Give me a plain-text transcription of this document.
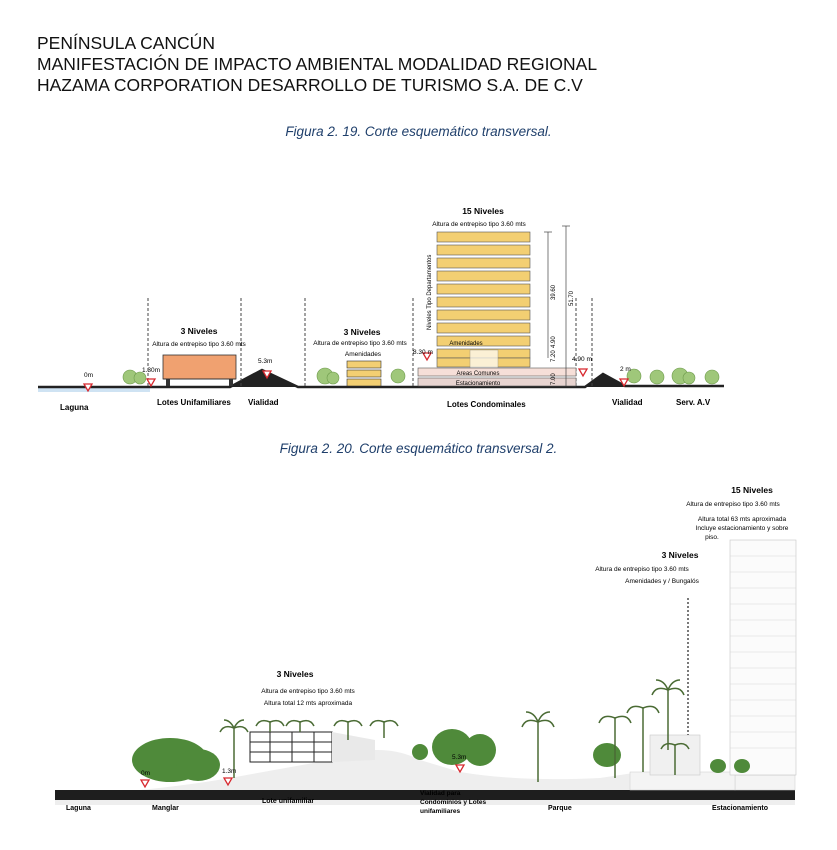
PENÍNSULA CANCÚN
MANIFESTACIÓN DE IMPACTO AMBIENTAL MODALIDAD REGIONAL
HAZAMA CORPORATION DESARROLLO DE TURISMO S.A. DE C.V
Figura 2. 19. Corte esquemático transversal.
3 Niveles
Altura de entrepiso tipo 3.60 mts
3 Niveles
Altura de entrepiso tipo 3.60 mts
Amenidades
15 Niveles
Altura de entrepiso tipo 3.60 mts
Niveles Tipo Departamentos
Amenidades
Areas Comunes
Estacionamiento
39.60 51.70
7.20
4.90
7.00
0m
1.30m
5.3m
8.30 m
4.90 m
2 m
Laguna
Lotes Unifamiliares Vialidad	Lotes Condominales	Vialidad	Serv. A.V
Figura 2. 20. Corte esquemático transversal 2.
0m	1.3m
5.3m
3 Niveles
Altura de entrepiso tipo 3.60 mts
Altura total 12 mts aproximada
3 Niveles
Altura de entrepiso tipo 3.60 mts
Amenidades y / Bungalós
15 Niveles
Altura de entrepiso tipo 3.60 mts
Altura total 63 mts aproximada
Incluye estacionamiento y sobre
piso.
Laguna	Manglar
Lote unifamiliar
Vialidad para
Condominios y Lotes
unifamiliares	Parque	Estacionamiento
